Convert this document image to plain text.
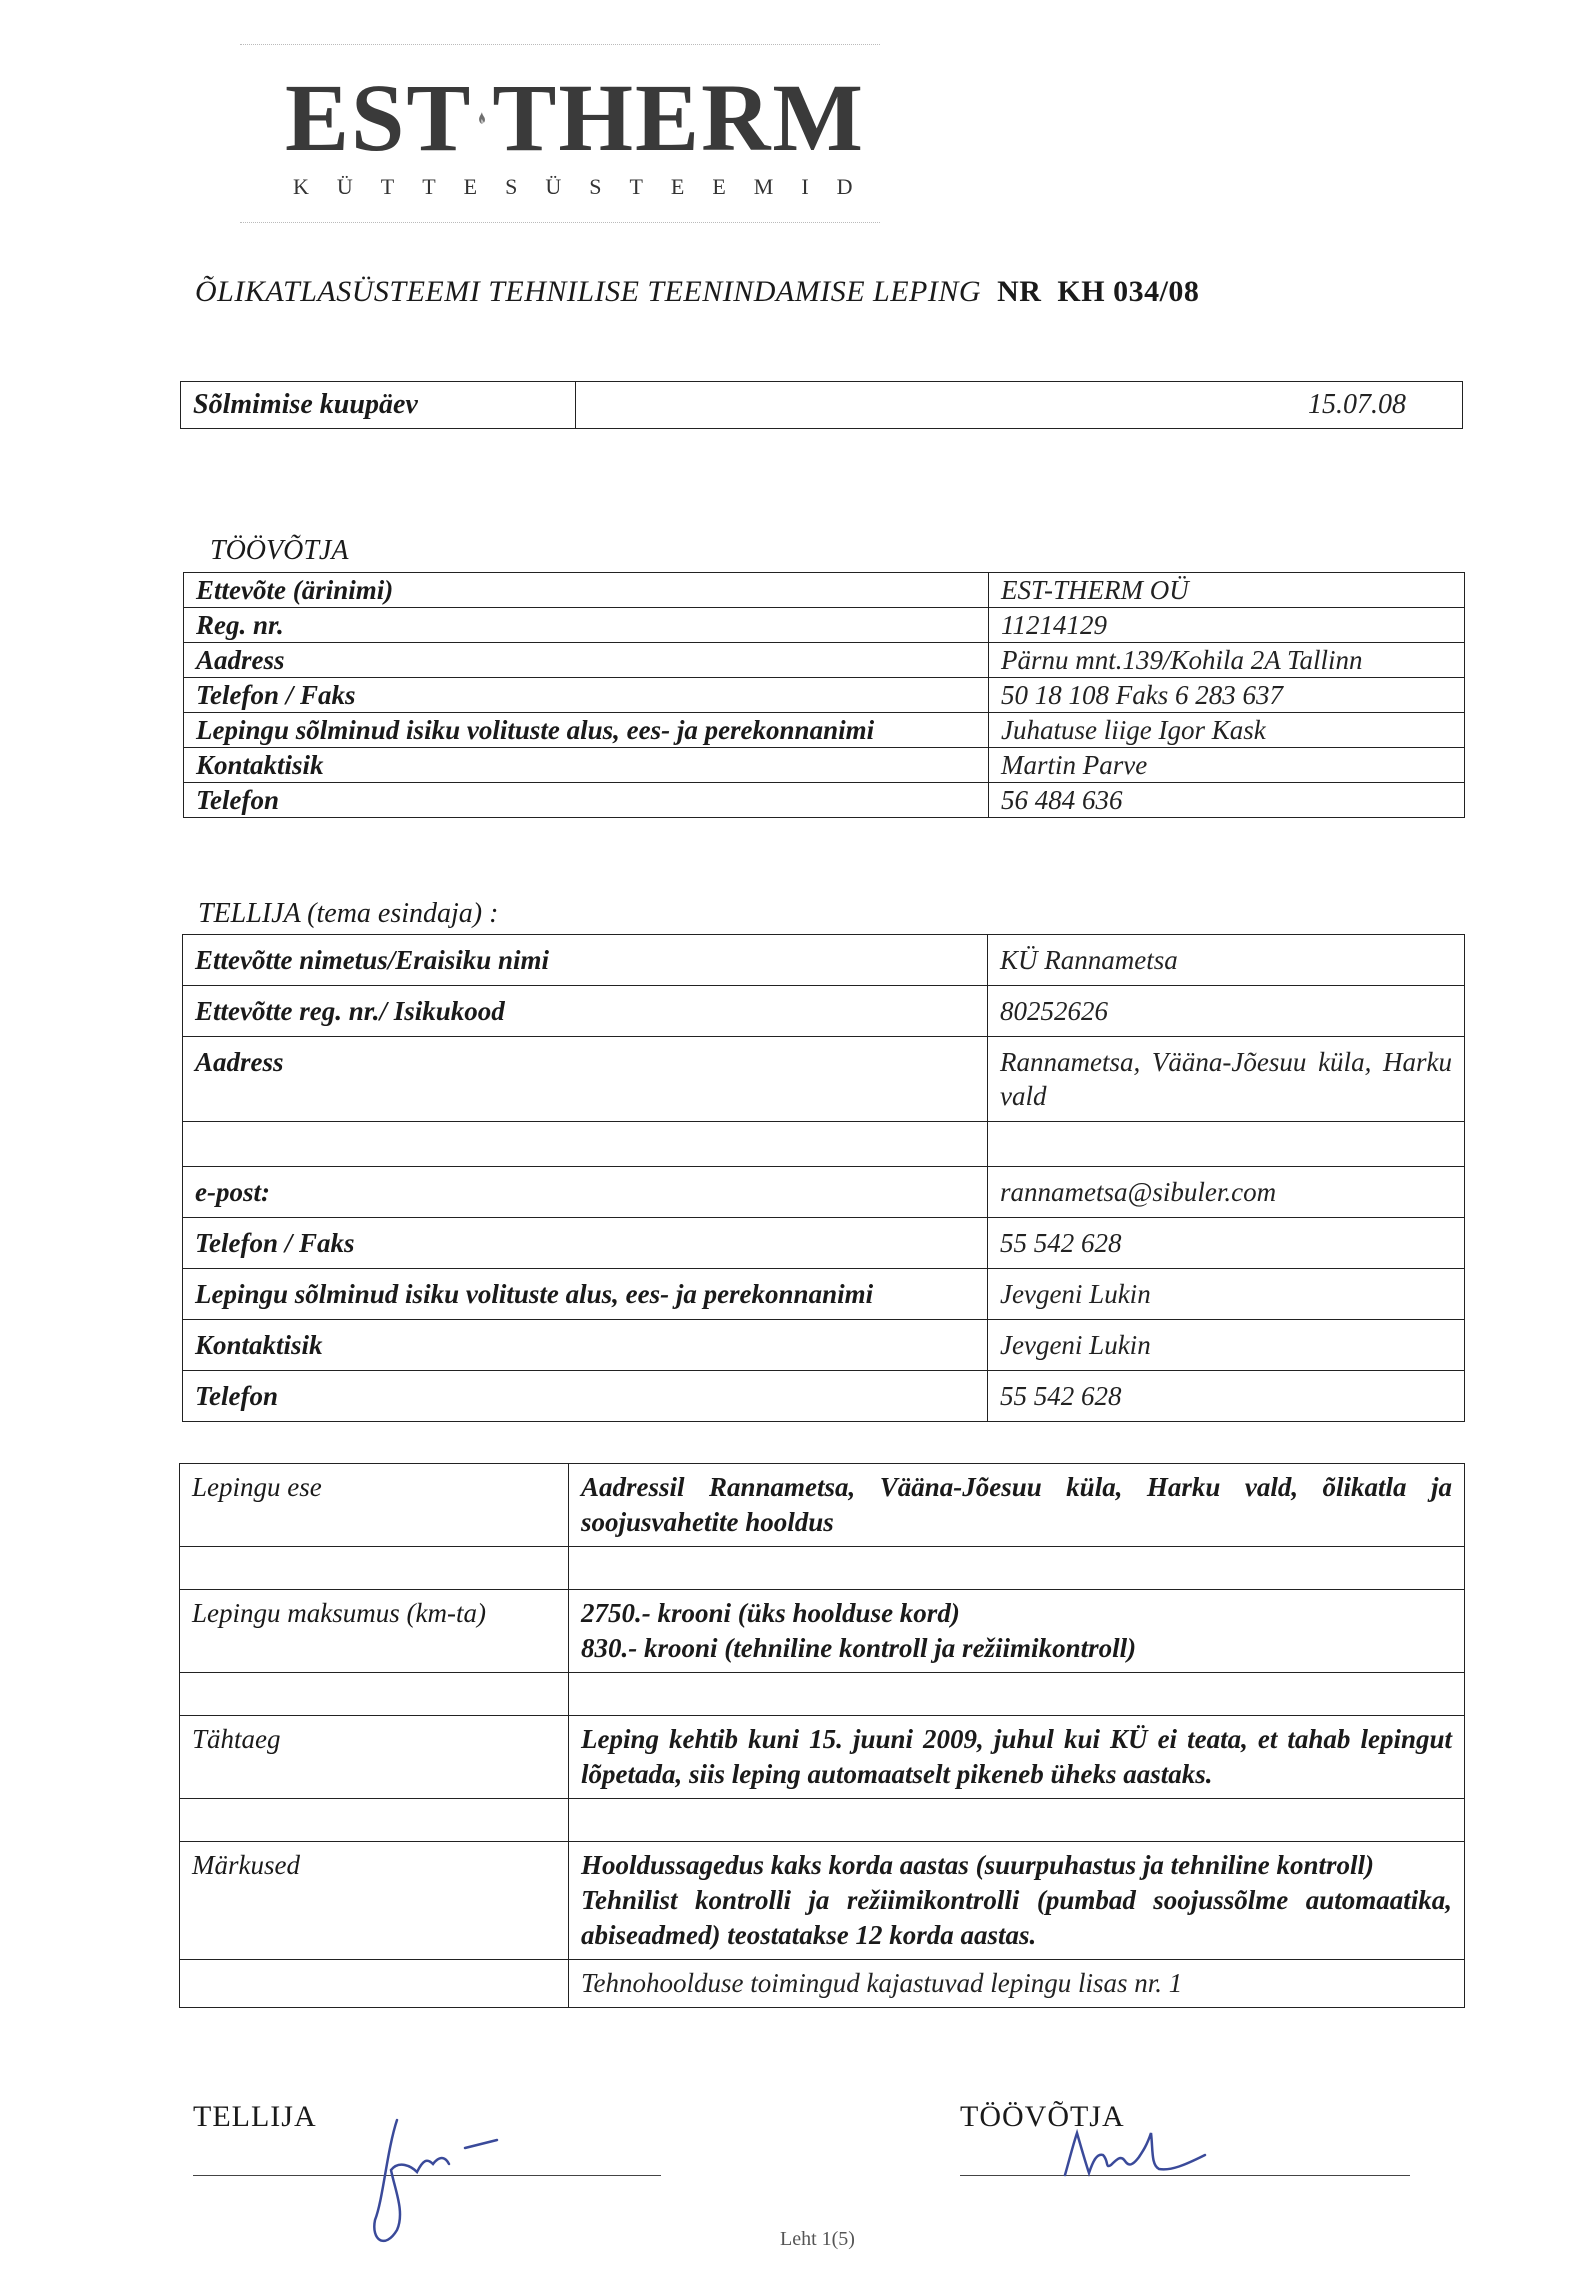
EST THERM
KÜTTESÜSTEEMID
ÕLIKATLASÜSTEEMI TEHNILISE TEENINDAMISE LEPING NR KH 034/08
Sõlmimise kuupäev	15.07.08
TÖÖVÕTJA
Ettevõte (ärinimi)	EST-THERM OÜ
Reg. nr.	11214129
Aadress	Pärnu mnt.139/Kohila 2A Tallinn
Telefon / Faks	50 18 108 Faks 6 283 637
Lepingu sõlminud isiku volituste alus, ees- ja perekonnanimi	Juhatuse liige Igor Kask
Kontaktisik	Martin Parve
Telefon	56 484 636
TELLIJA (tema esindaja) :
Ettevõtte nimetus/Eraisiku nimi	KÜ Rannametsa
Ettevõtte reg. nr./ Isikukood	80252626
Aadress	Rannametsa, Vääna-Jõesuu küla, Harku vald

e-post:	rannametsa@sibuler.com
Telefon / Faks	55 542 628
Lepingu sõlminud isiku volituste alus, ees- ja perekonnanimi	Jevgeni Lukin
Kontaktisik	Jevgeni Lukin
Telefon	55 542 628
Lepingu ese	Aadressil Rannametsa, Vääna-Jõesuu küla, Harku vald, õlikatla ja soojusvahetite hooldus

Lepingu maksumus (km-ta)	2750.- krooni (üks hoolduse kord)
830.- krooni (tehniline kontroll ja režiimikontroll)

Tähtaeg	Leping kehtib kuni 15. juuni 2009, juhul kui KÜ ei teata, et tahab lepingut lõpetada, siis leping automaatselt pikeneb üheks aastaks.

Märkused	Hooldussagedus kaks korda aastas (suurpuhastus ja tehniline kontroll)
Tehnilist kontrolli ja režiimikontrolli (pumbad soojussõlme automaatika, abiseadmed) teostatakse 12 korda aastas.

	Tehnohoolduse toimingud kajastuvad lepingu lisas nr. 1
TELLIJA	TÖÖVÕTJA
Leht 1(5)
